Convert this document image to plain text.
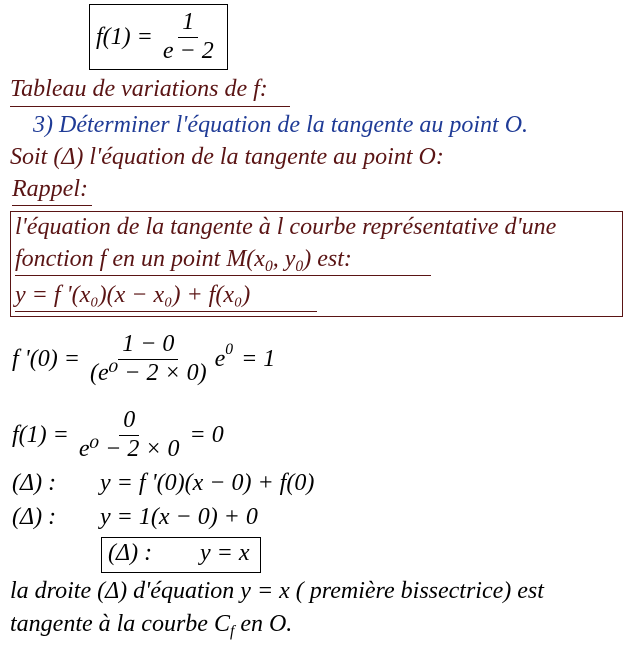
$f(1) = \frac{1}{e - 2}$
Tableau de variations de f:
3) Déterminer l'équation de la tangente au point O.
Soit (Δ) l'équation de la tangente au point O:
Rappel:
l'équation de la tangente à l courbe représentative d'une
fonction f en un point $M(x_0$, $y_0$) est:
y = f '(x₀)(x − x₀) + f(x₀)
f '$(0) = \frac{1 - 0}{\text{(e⁰ − 2 × 0)}}$ e 0 = 1
$f(1) = \frac{0}{\text{e⁰ − 2 × 0}} = 0$
(Δ) : y = f '(0)(x − 0) + f(0)
(Δ) : y = 1(x − 0) + 0
(Δ) : y = x
la droite (Δ) d'équation y = x ( première bissectrice) est
tangente à la courbe $C_f$ en O.
